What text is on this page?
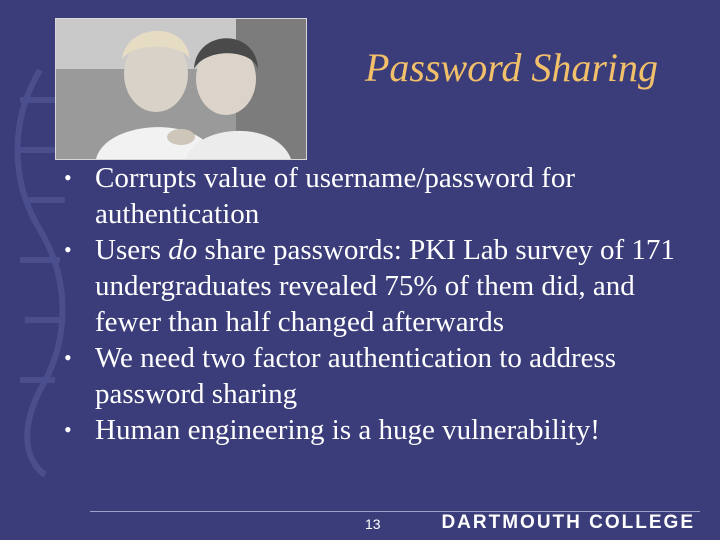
Password Sharing
• Corrupts value of username/password for authentication
• Users do share passwords: PKI Lab survey of 171 undergraduates revealed 75% of them did, and fewer than half changed afterwards
• We need two factor authentication to address password sharing
• Human engineering is a huge vulnerability!
13	DARTMOUTH COLLEGE
